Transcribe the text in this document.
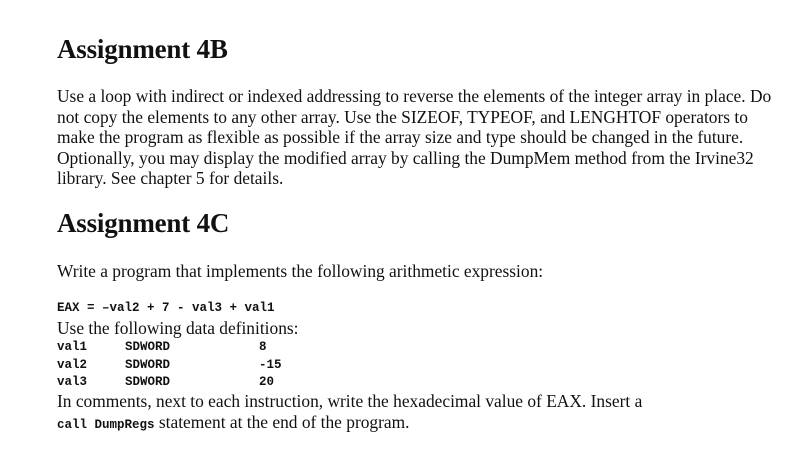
Assignment 4B

Use a loop with indirect or indexed addressing to reverse the elements of the integer array in place. Do not copy the elements to any other array. Use the SIZEOF, TYPEOF, and LENGHTOF operators to make the program as flexible as possible if the array size and type should be changed in the future. Optionally, you may display the modified array by calling the DumpMem method from the Irvine32 library. See chapter 5 for details.

Assignment 4C

Write a program that implements the following arithmetic expression:

EAX = –val2 + 7 - val3 + val1

Use the following data definitions:

val1	SDWORD	8
val2	SDWORD	-15
val3	SDWORD	20

In comments, next to each instruction, write the hexadecimal value of EAX. Insert a
call DumpRegs statement at the end of the program.
